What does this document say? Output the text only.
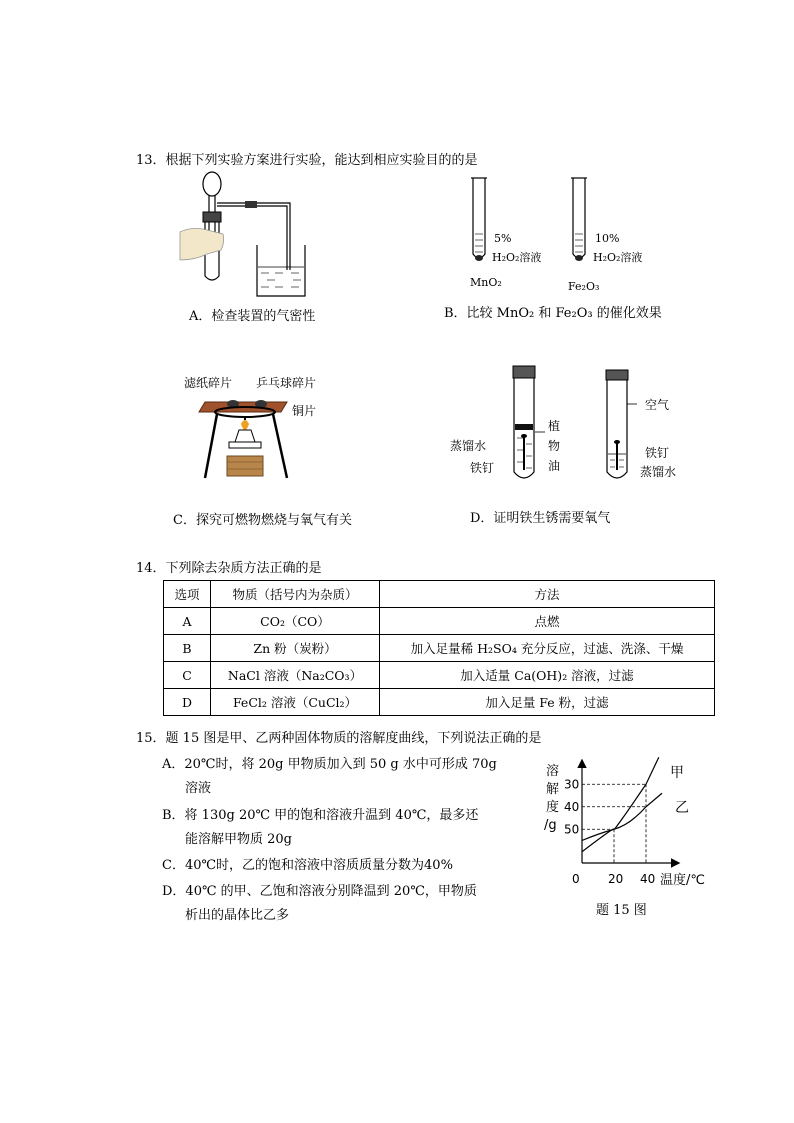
13．根据下列实验方案进行实验，能达到相应实验目的的是
A．检查装置的气密性
5%
H₂O₂溶液
MnO₂
10%
H₂O₂溶液
Fe₂O₃
B．比较 MnO₂ 和 Fe₂O₃ 的催化效果
滤纸碎片 乒乓球碎片
铜片
C．探究可燃物燃烧与氧气有关
植
物
油
蒸馏水
铁钉
空气
铁钉
蒸馏水
D．证明铁生锈需要氧气
14．下列除去杂质方法正确的是
选项	物质（括号内为杂质）	方法
A	CO₂（CO）	点燃
B	Zn 粉（炭粉）	加入足量稀 H₂SO₄ 充分反应，过滤、洗涤、干燥
C	NaCl 溶液（Na₂CO₃）	加入适量 Ca(OH)₂ 溶液，过滤
D	FeCl₂ 溶液（CuCl₂）	加入足量 Fe 粉，过滤
15．题 15 图是甲、乙两种固体物质的溶解度曲线，下列说法正确的是
A．20℃时，将 20g 甲物质加入到 50 g 水中可形成 70g
溶液
B．将 130g 20℃ 甲的饱和溶液升温到 40℃，最多还
能溶解甲物质 20g
C．40℃时，乙的饱和溶液中溶质质量分数为40%
D．40℃ 的甲、乙饱和溶液分别降温到 20℃，甲物质
析出的晶体比乙多
溶
解
度
/g 50
40
30
0 20 40 温度/℃
甲
乙
题 15 图
